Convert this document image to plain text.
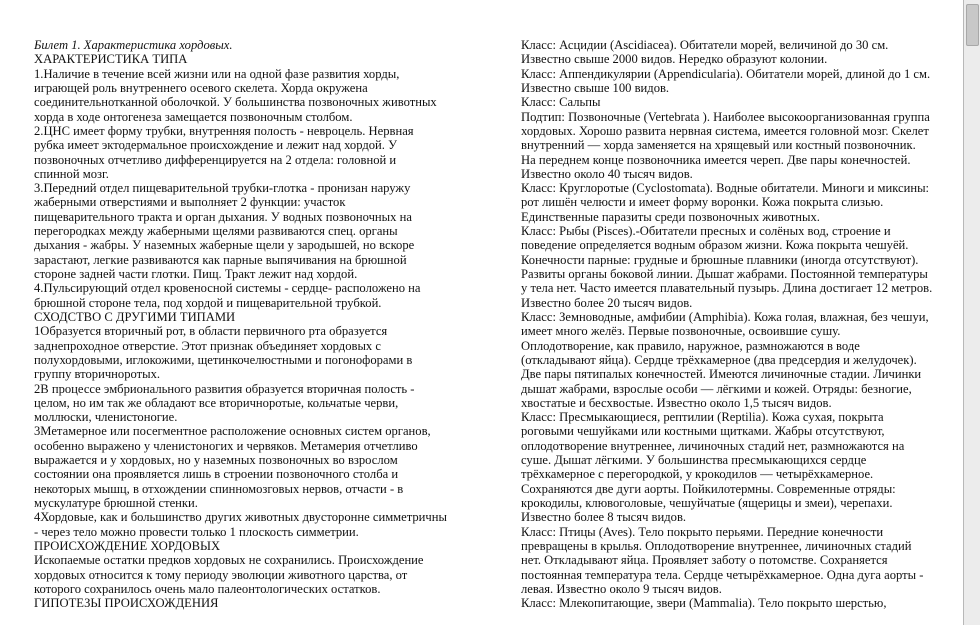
Билет 1. Характеристика хордовых.
ХАРАКТЕРИСТИКА ТИПА
1.Наличие в течение всей жизни или на одной фазе развития хорды,
играющей роль внутреннего осевого скелета. Хорда окружена
соединительнотканной оболочкой. У большинства позвоночных животных
хорда в ходе онтогенеза замещается позвоночным столбом.
2.ЦНС имеет форму трубки, внутренняя полость - невроцель. Нервная
рубка имеет эктодермальное происхождение и лежит над хордой. У
позвоночных отчетливо дифференцируется на 2 отдела: головной и
спинной мозг.
3.Передний отдел пищеварительной трубки-глотка - пронизан наружу
жаберными отверстиями и выполняет 2 функции: участок
пищеварительного тракта и орган дыхания. У водных позвоночных на
перегородках между жаберными щелями развиваются спец. органы
дыхания - жабры. У наземных жаберные щели у зародышей, но вскоре
зарастают, легкие развиваются как парные выпячивания на брюшной
стороне задней части глотки. Пищ. Тракт лежит над хордой.
4.Пульсирующий отдел кровеносной системы - сердце- расположено на
брюшной стороне тела, под хордой и пищеварительной трубкой.
СХОДСТВО С ДРУГИМИ ТИПАМИ
1Образуется вторичный рот, в области первичного рта образуется
заднепроходное отверстие. Этот признак объединяет хордовых с
полухордовыми, иглокожими, щетинкочелюстными и погонофорами в
группу вторичноротых.
2В процессе эмбрионального развития образуется вторичная полость -
целом, но им так же обладают все вторичноротые, кольчатые черви,
моллюски, членистоногие.
3Метамерное или посегментное расположение основных систем органов,
особенно выражено у членистоногих и червяков. Метамерия отчетливо
выражается и у хордовых, но у наземных позвоночных во взрослом
состоянии она проявляется лишь в строении позвоночного столба и
некоторых мышц, в отхождении спинномозговых нервов, отчасти - в
мускулатуре брюшной стенки.
4Хордовые, как и большинство других животных двусторонне симметричны
- через тело можно провести только 1 плоскость симметрии.
ПРОИСХОЖДЕНИЕ ХОРДОВЫХ
Ископаемые остатки предков хордовых не сохранились. Происхождение
хордовых относится к тому периоду эволюции животного царства, от
которого сохранилось очень мало палеонтологических остатков.
ГИПОТЕЗЫ ПРОИСХОЖДЕНИЯ
Класс: Асцидии (Ascidiacea). Обитатели морей, величиной до 30 см.
Известно свыше 2000 видов. Нередко образуют колонии.
Класс: Аппендикулярии (Appendicularia). Обитатели морей, длиной до 1 см.
Известно свыше 100 видов.
Класс: Сальпы
Подтип: Позвоночные (Vertebrata ). Наиболее высокоорганизованная группа
хордовых. Хорошо развита нервная система, имеется головной мозг. Скелет
внутренний — хорда заменяется на хрящевый или костный позвоночник.
На переднем конце позвоночника имеется череп. Две пары конечностей.
Известно около 40 тысяч видов.
Класс: Круглоротые (Cyclostomata). Водные обитатели. Миноги и миксины:
рот лишён челюсти и имеет форму воронки. Кожа покрыта слизью.
Единственные паразиты среди позвоночных животных.
Класс: Рыбы (Pisces).-Обитатели пресных и солёных вод, строение и
поведение определяется водным образом жизни. Кожа покрыта чешуёй.
Конечности парные: грудные и брюшные плавники (иногда отсутствуют).
Развиты органы боковой линии. Дышат жабрами. Постоянной температуры
у тела нет. Часто имеется плавательный пузырь. Длина достигает 12 метров.
Известно более 20 тысяч видов.
Класс: Земноводные, амфибии (Amphibia). Кожа голая, влажная, без чешуи,
имеет много желёз. Первые позвоночные, освоившие сушу.
Оплодотворение, как правило, наружное, размножаются в воде
(откладывают яйца). Сердце трёхкамерное (два предсердия и желудочек).
Две пары пятипалых конечностей. Имеются личиночные стадии. Личинки
дышат жабрами, взрослые особи — лёгкими и кожей. Отряды: безногие,
хвостатые и бесхвостые. Известно около 1,5 тысяч видов.
Класс: Пресмыкающиеся, рептилии (Reptilia). Кожа сухая, покрыта
роговыми чешуйками или костными щитками. Жабры отсутствуют,
оплодотворение внутреннее, личиночных стадий нет, размножаются на
суше. Дышат лёгкими. У большинства пресмыкающихся сердце
трёхкамерное с перегородкой, у крокодилов — четырёхкамерное.
Сохраняются две дуги аорты. Пойкилотермны. Современные отряды:
крокодилы, клювоголовые, чешуйчатые (ящерицы и змеи), черепахи.
Известно более 8 тысяч видов.
Класс: Птицы (Aves). Тело покрыто перьями. Передние конечности
превращены в крылья. Оплодотворение внутреннее, личиночных стадий
нет. Откладывают яйца. Проявляет заботу о потомстве. Сохраняется
постоянная температура тела. Сердце четырёхкамерное. Одна дуга аорты -
левая. Известно около 9 тысяч видов.
Класс: Млекопитающие, звери (Mammalia). Тело покрыто шерстью,
